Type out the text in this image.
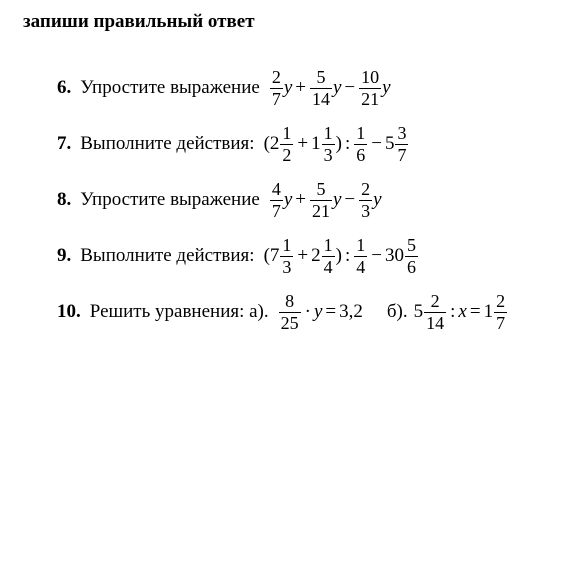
запиши правильный ответ
6. Упростите выражение $\frac{2}{7}$ $y + \frac{5}{14}$ $y - \frac{10}{21}$ y
7. Выполните действия: ($2 \frac{1}{2} + 1 \frac{1}{3}$ ) : $\frac{1}{6} - 5 \frac{3}{7}$
8. Упростите выражение $\frac{4}{7}$ $y + \frac{5}{21}$ $y - \frac{2}{3}$ y
9. Выполните действия: ($7 \frac{1}{3} + 2 \frac{1}{4}$ ) : $\frac{1}{4} - 30 \frac{5}{6}$
10. Решить уравнения: а). $\frac{8}{25} \cdot y = 3,2$ б). $5 \frac{2}{14}$ : $x = 1 \frac{2}{7}$
